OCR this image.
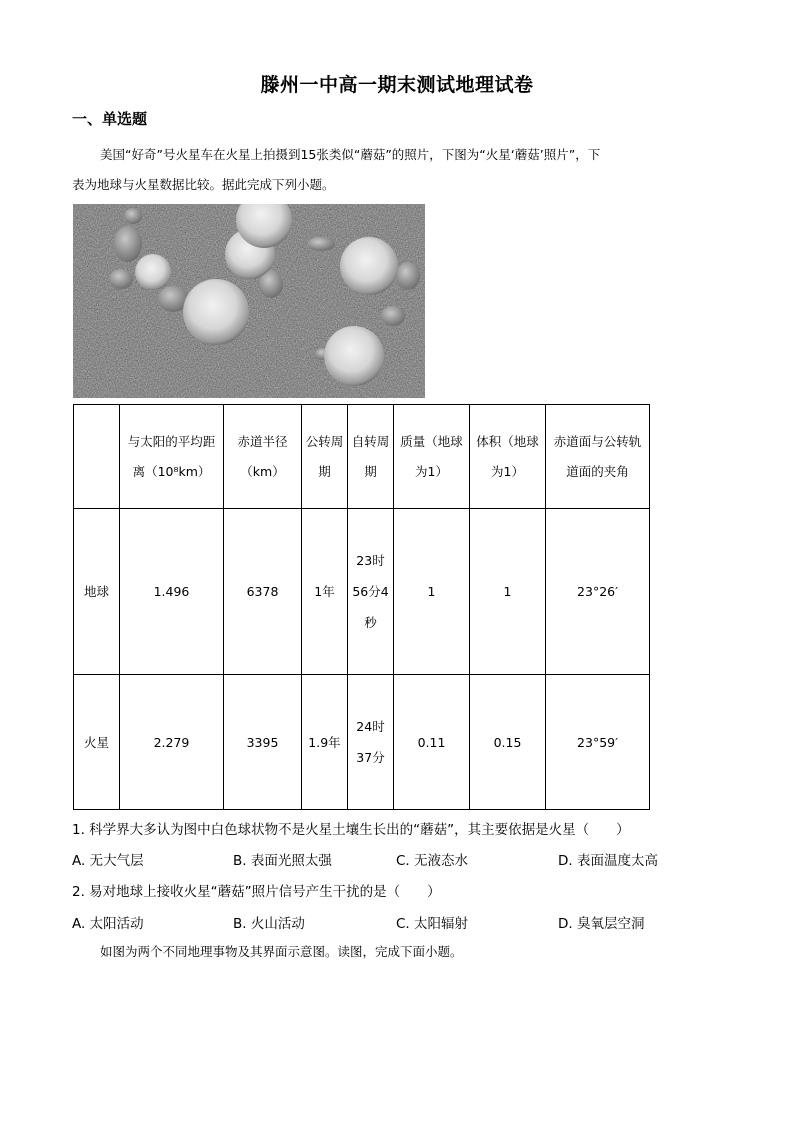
滕州一中高一期末测试地理试卷
一、单选题
美国“好奇”号火星车在火星上拍摄到15张类似“蘑菇”的照片，下图为“火星‘蘑菇’照片”，下
表为地球与火星数据比较。据此完成下列小题。
	与太阳的平均距离（10⁸km）	赤道半径（km）	公转周期	自转周期	质量（地球为1）	体积（地球为1）	赤道面与公转轨道面的夹角
地球	1.496	6378	1年	23时56分4秒	1	1	23°26′
火星	2.279	3395	1.9年	24时37分	0.11	0.15	23°59′
1. 科学界大多认为图中白色球状物不是火星土壤生长出的“蘑菇”，其主要依据是火星（　　）
A. 无大气层	B. 表面光照太强	C. 无液态水	D. 表面温度太高
2. 易对地球上接收火星“蘑菇”照片信号产生干扰的是（　　）
A. 太阳活动	B. 火山活动	C. 太阳辐射	D. 臭氧层空洞
如图为两个不同地理事物及其界面示意图。读图，完成下面小题。
